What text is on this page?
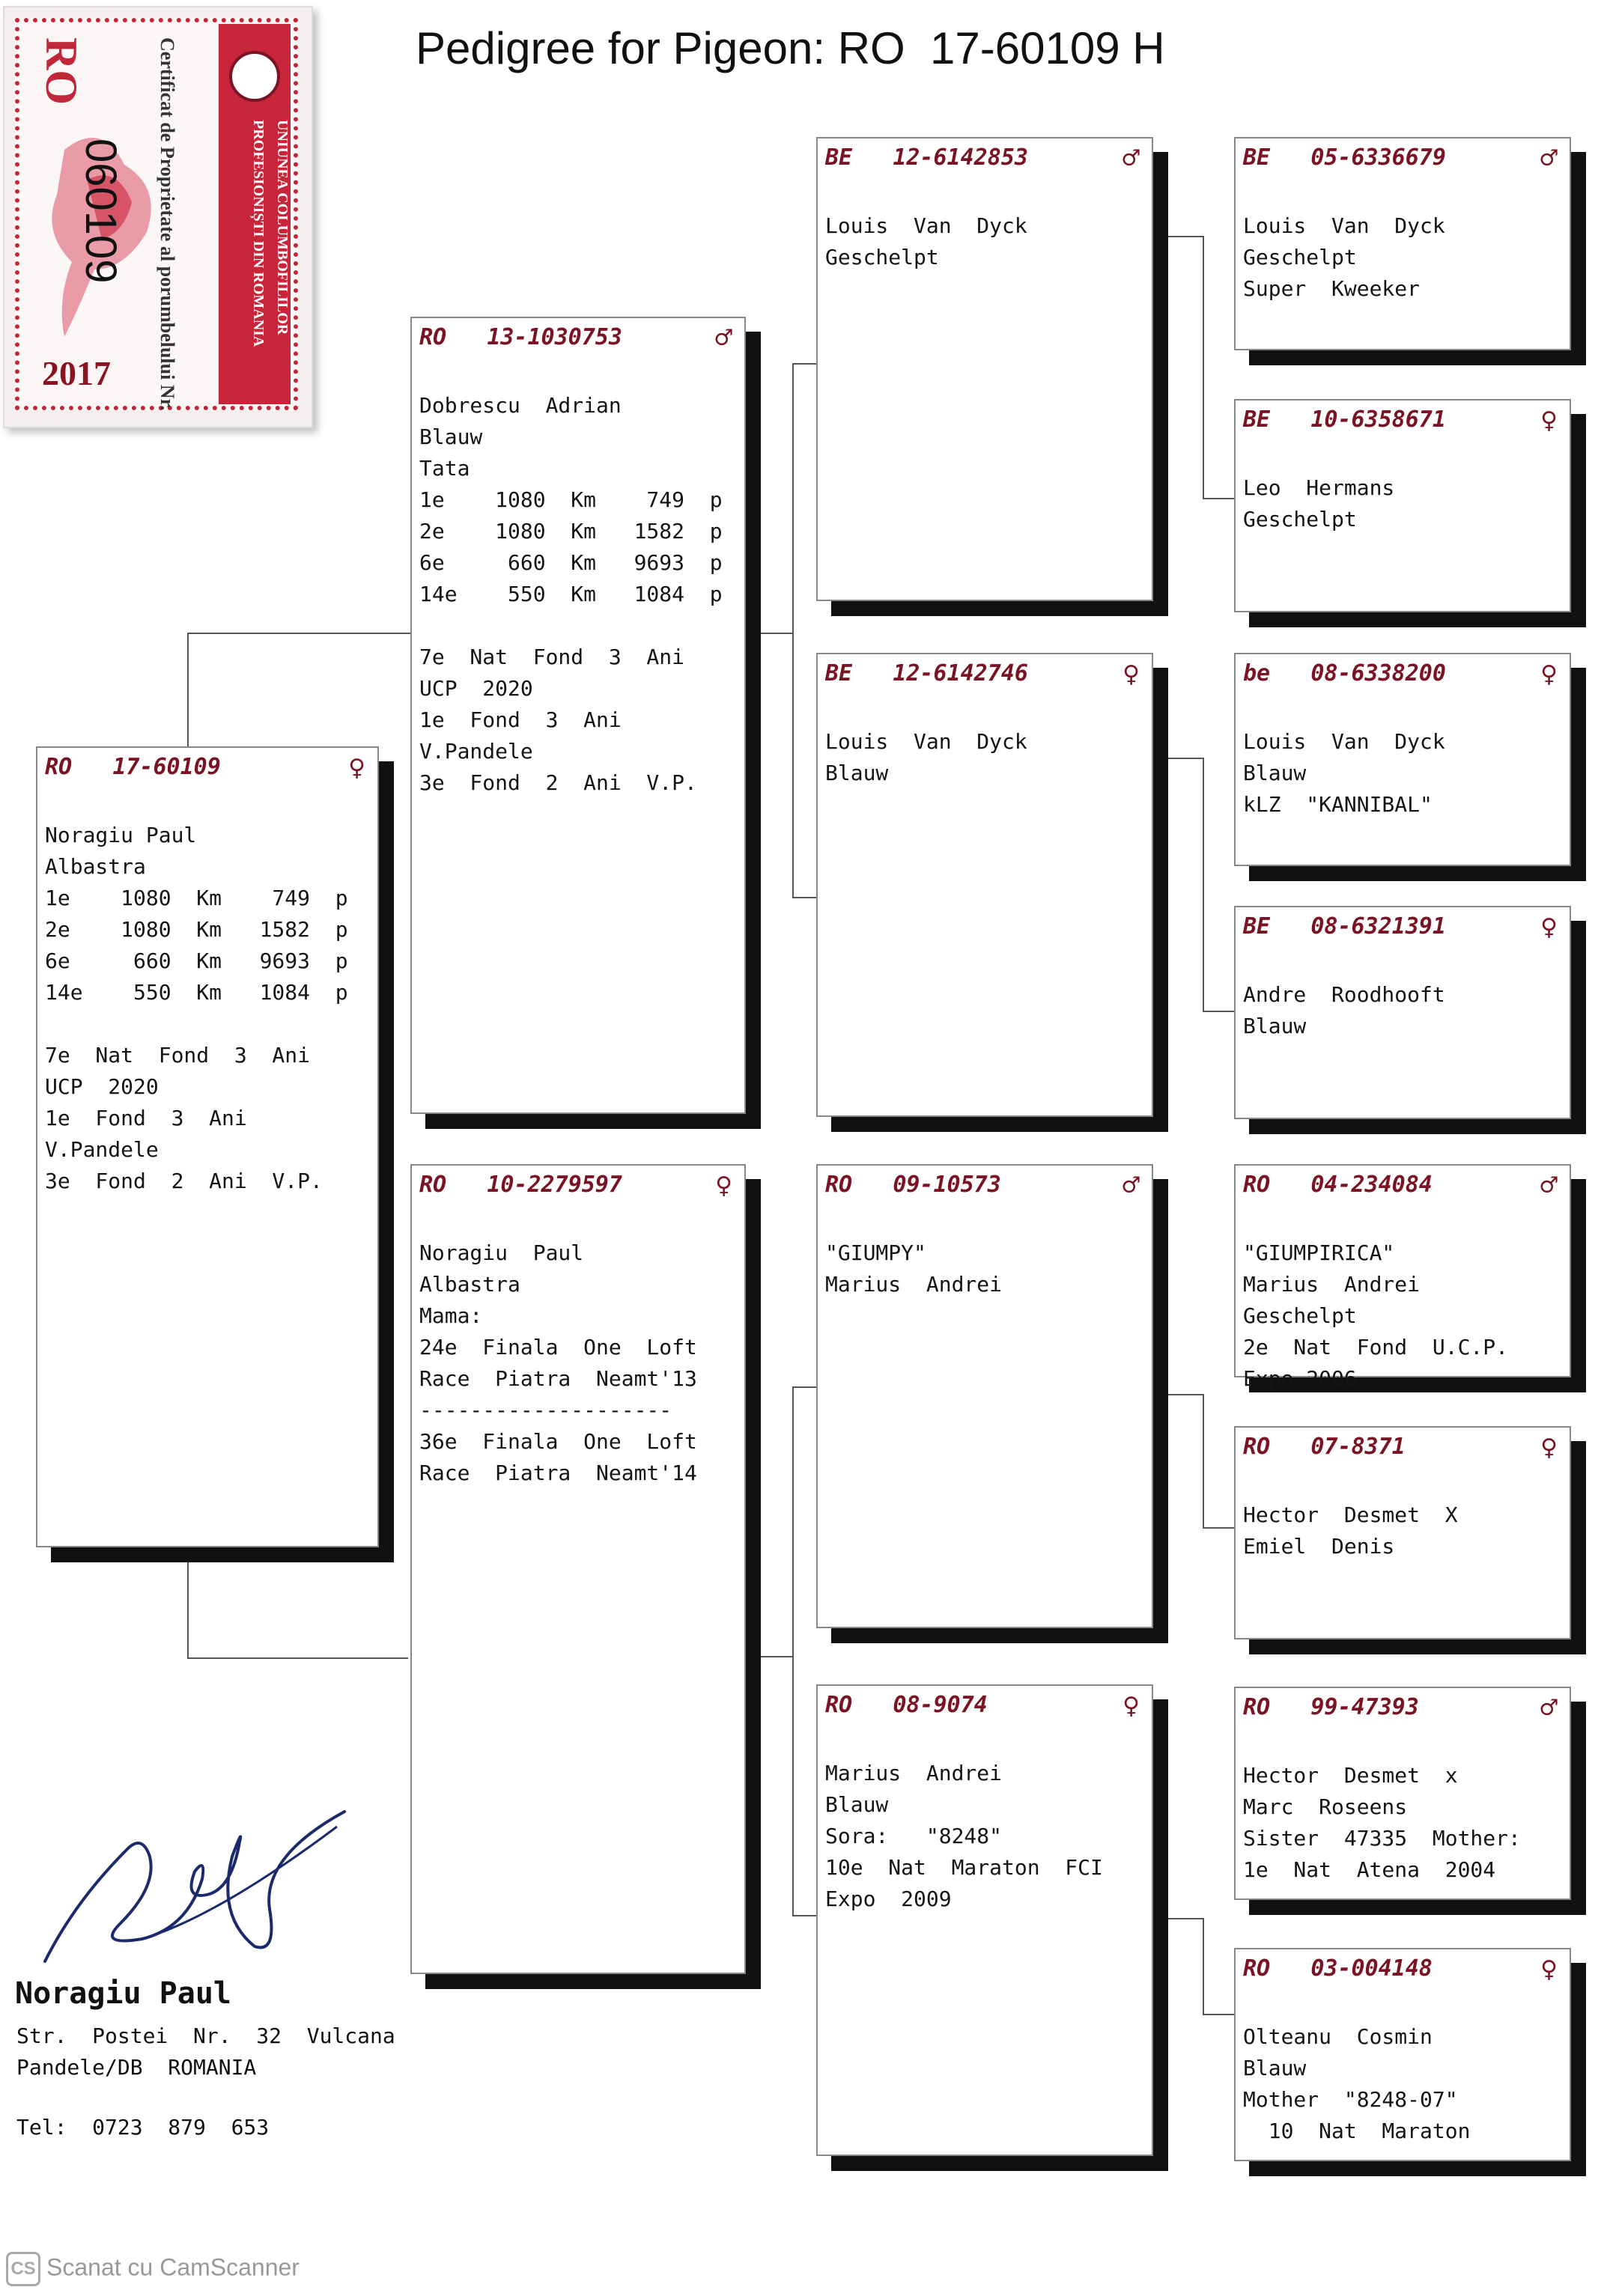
Pedigree for Pigeon: RO  17-60109 H
RO	Certificat de Proprietate al porumbelului Nr.
060109	UNIUNEA COLUMBOFILILOR
PROFESIONIȘTI DIN ROMANIA
2017
RO 17-60109	♀
Noragiu Paul
Albastra
1e    1080  Km    749  p
2e    1080  Km   1582  p
6e     660  Km   9693  p
14e    550  Km   1084  p
7e  Nat  Fond  3  Ani
UCP  2020
1e  Fond  3  Ani
V.Pandele
3e  Fond  2  Ani  V.P.
RO 13-1030753	♂
Dobrescu  Adrian
Blauw
Tata
1e    1080  Km    749  p
2e    1080  Km   1582  p
6e     660  Km   9693  p
14e    550  Km   1084  p
7e  Nat  Fond  3  Ani
UCP  2020
1e  Fond  3  Ani
V.Pandele
3e  Fond  2  Ani  V.P.
RO 10-2279597	♀
Noragiu  Paul
Albastra
Mama:
24e  Finala  One  Loft
Race  Piatra  Neamt'13
--------------------
36e  Finala  One  Loft
Race  Piatra  Neamt'14
BE 12-6142853	♂
Louis  Van  Dyck
Geschelpt
BE 12-6142746	♀
Louis  Van  Dyck
Blauw
RO 09-10573	♂
"GIUMPY"
Marius  Andrei
RO 08-9074	♀
Marius  Andrei
Blauw
Sora:   "8248"
10e  Nat  Maraton  FCI
Expo  2009
BE 05-6336679	♂
Louis  Van  Dyck
Geschelpt
Super  Kweeker
BE 10-6358671	♀
Leo  Hermans
Geschelpt
be 08-6338200	♀
Louis  Van  Dyck
Blauw
kLZ  "KANNIBAL"
BE 08-6321391	♀
Andre  Roodhooft
Blauw
RO 04-234084	♂
"GIUMPIRICA"
Marius  Andrei
Geschelpt
2e  Nat  Fond  U.C.P.
Expo.2006
RO 07-8371	♀
Hector  Desmet  X
Emiel  Denis
RO 99-47393	♂
Hector  Desmet  x
Marc  Roseens
Sister  47335  Mother:
1e  Nat  Atena  2004
RO 03-004148	♀
Olteanu  Cosmin
Blauw
Mother  "8248-07"
10  Nat  Maraton
Noragiu Paul
Str.  Postei  Nr.  32  Vulcana
Pandele/DB  ROMANIA
Tel:  0723  879  653
CS Scanat cu CamScanner
